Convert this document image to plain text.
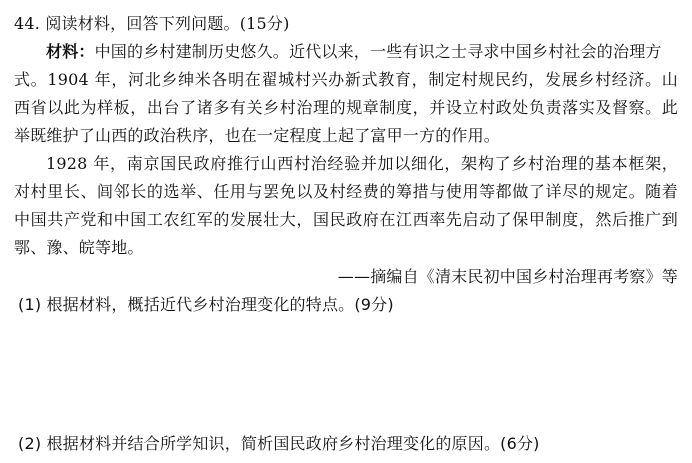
44. 阅读材料，回答下列问题。(15分)
材料：中国的乡村建制历史悠久。近代以来，一些有识之士寻求中国乡村社会的治理方
式。1904 年，河北乡绅米各明在翟城村兴办新式教育，制定村规民约，发展乡村经济。山
西省以此为样板，出台了诸多有关乡村治理的规章制度，并设立村政处负责落实及督察。此
举既维护了山西的政治秩序，也在一定程度上起了富甲一方的作用。
1928 年，南京国民政府推行山西村治经验并加以细化，架构了乡村治理的基本框架，
对村里长、闾邻长的选举、任用与罢免以及村经费的筹措与使用等都做了详尽的规定。随着
中国共产党和中国工农红军的发展壮大，国民政府在江西率先启动了保甲制度，然后推广到
鄂、豫、皖等地。
——摘编自《清末民初中国乡村治理再考察》等
(1) 根据材料，概括近代乡村治理变化的特点。(9分)
(2) 根据材料并结合所学知识，简析国民政府乡村治理变化的原因。(6分)
